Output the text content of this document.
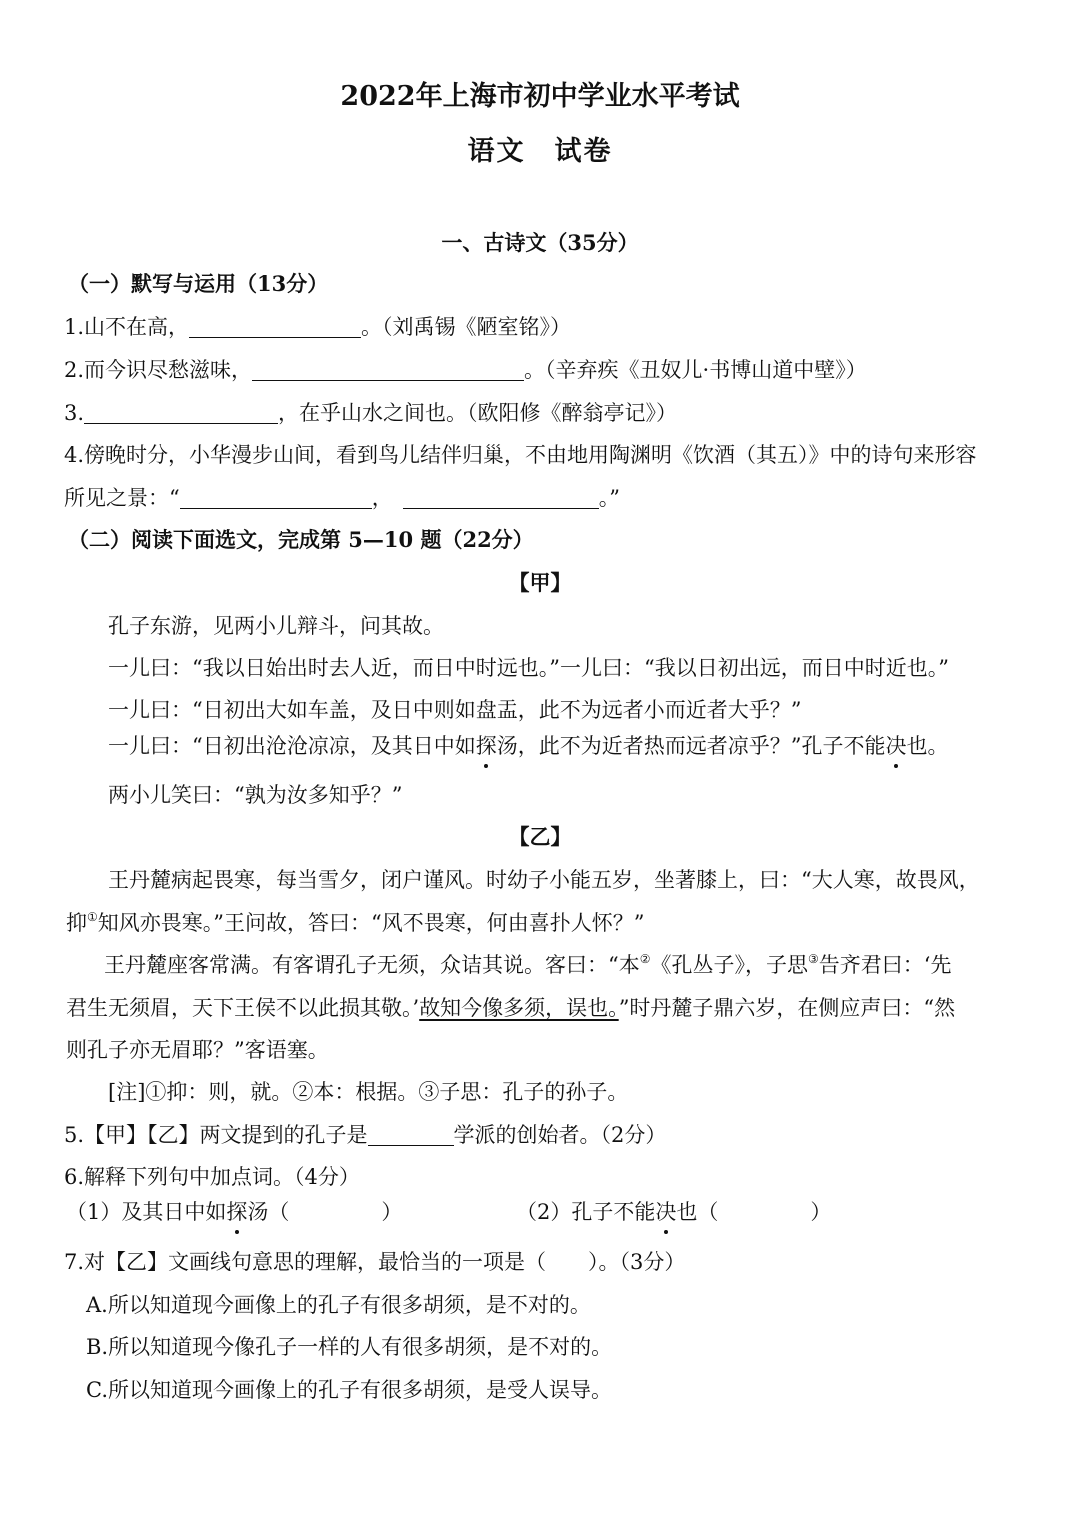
2022年上海市初中学业水平考试
语文　试卷
一、古诗文（35分）
（一）默写与运用（13分）
1.山不在高，	。（刘禹锡《陋室铭》）
2.而今识尽愁滋味，	。（辛弃疾《丑奴儿·书博山道中壁》）
3.	，在乎山水之间也。（欧阳修《醉翁亭记》）
4.傍晚时分，小华漫步山间，看到鸟儿结伴归巢，不由地用陶渊明《饮酒（其五）》中的诗句来形容
所见之景：“	，	。”
（二）阅读下面选文，完成第 5—10 题（22分）
【甲】
孔子东游，见两小儿辩斗，问其故。
一儿曰：“我以日始出时去人近，而日中时远也。”一儿曰：“我以日初出远，而日中时近也。”
一儿曰：“日初出大如车盖，及日中则如盘盂，此不为远者小而近者大乎？”
一儿曰：“日初出沧沧凉凉，及其日中如探汤，此不为近者热而远者凉乎？”孔子不能决也。
两小儿笑曰：“孰为汝多知乎？”
【乙】
王丹麓病起畏寒，每当雪夕，闭户谨风。时幼子小能五岁，坐著膝上，曰：“大人寒，故畏风，
抑①知风亦畏寒。”王问故，答曰：“风不畏寒，何由喜扑人怀？”
王丹麓座客常满。有客谓孔子无须，众诘其说。客曰：“本②《孔丛子》，子思③告齐君曰：‘先
君生无须眉，天下王侯不以此损其敬。’故知今像多须，误也。”时丹麓子鼎六岁，在侧应声曰：“然
则孔子亦无眉耶？”客语塞。
[注]①抑：则，就。②本：根据。③子思：孔子的孙子。
5.【甲】【乙】两文提到的孔子是	学派的创始者。（2分）
6.解释下列句中加点词。（4分）
（1）及其日中如探汤（	）	（2）孔子不能决也（	）
7.对【乙】文画线句意思的理解，最恰当的一项是（　　）。（3分）
A.所以知道现今画像上的孔子有很多胡须，是不对的。
B.所以知道现今像孔子一样的人有很多胡须，是不对的。
C.所以知道现今画像上的孔子有很多胡须，是受人误导。
